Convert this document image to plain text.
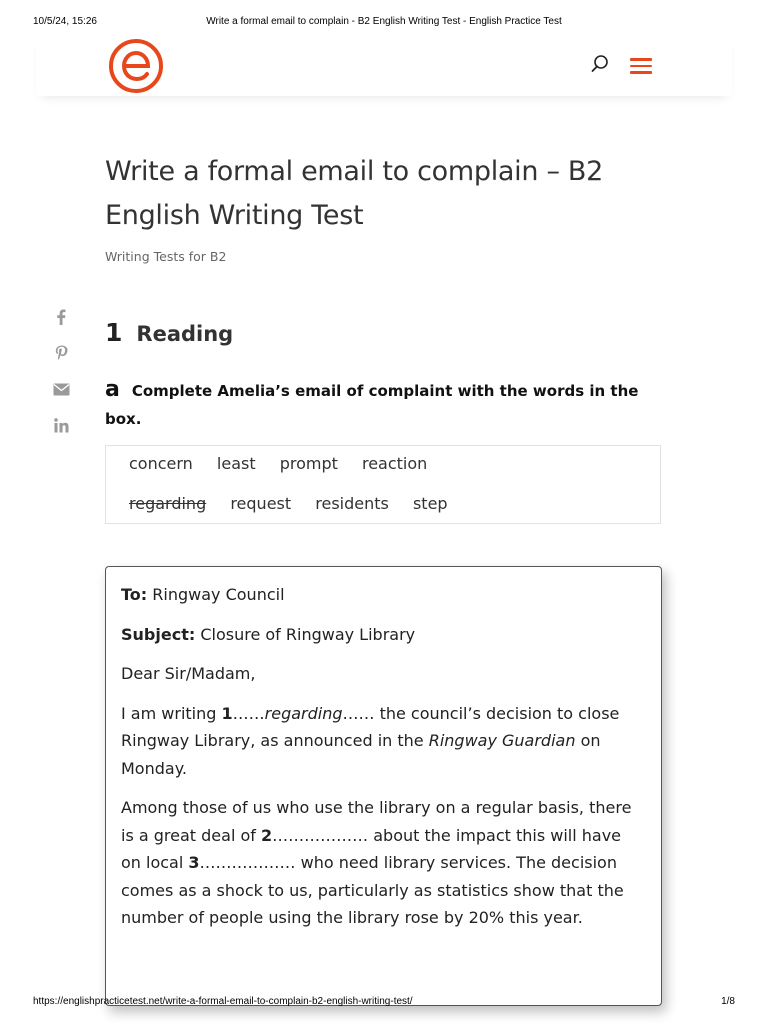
10/5/24, 15:26	Write a formal email to complain - B2 English Writing Test - English Practice Test
Write a formal email to complain – B2
English Writing Test
Writing Tests for B2
1 Reading

a Complete Amelia’s email of complaint with the words in the box.

concern least prompt reaction
regarding request residents step

To: Ringway Council

Subject: Closure of Ringway Library

Dear Sir/Madam,

I am writing 1……regarding…… the council’s decision to close Ringway Library, as announced in the Ringway Guardian on Monday.

Among those of us who use the library on a regular basis, there is a great deal of 2……………… about the impact this will have on local 3……………… who need library services. The decision comes as a shock to us, particularly as statistics show that the number of people using the library rose by 20% this year.

https://englishpracticetest.net/write-a-formal-email-to-complain-b2-english-writing-test/	1/8
